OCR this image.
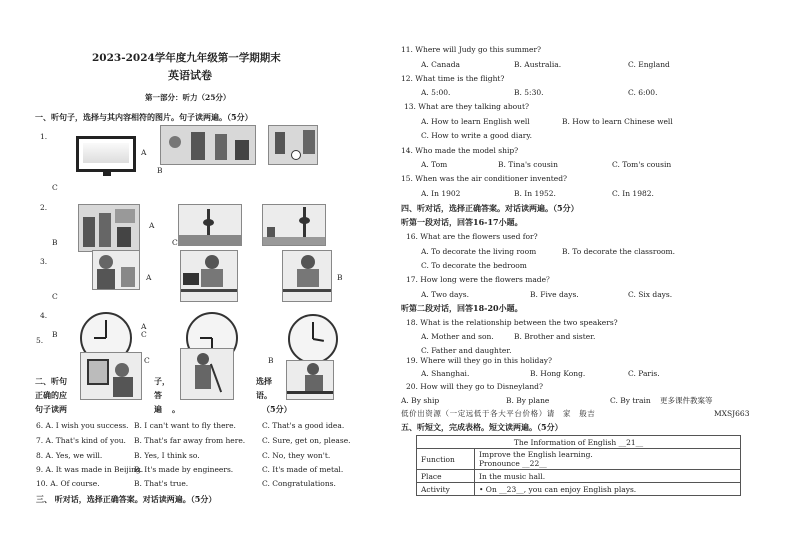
2023-2024学年度九年级第一学期期末
英语试卷
第一部分：听力（25分）
一、听句子，选择与其内容相符的图片。句子读两遍。（5分）
1.
2.
3.
4.
5.
A
B
C
A
B	C
A	B
C
B
A
C
C	B
二、听句	子，	选择
正确的应	答	语。
句子读两	遍 。	（5分）
6. A. I wish you success. B. I can't want to fly there.	C. That's a good idea.
7. A. That's kind of you. B. That's far away from here. C. Sure, get on, please.
8. A. Yes, we will.	B. Yes, I think so.	C. No, they won't.
9. A. It was made in Beijing.
B. It's made by engineers.	C. It's made of metal.
10. A. Of course.	B. That's true.	C. Congratulations.
三、 听对话，选择正确答案。对话读两遍。（5分）
11. Where will Judy go this summer?
A. Canada	B. Australia.	C. England
12. What time is the flight?
A. 5:00.	B. 5:30.	C. 6:00.
13. What are they talking about?
A. How to learn English well	B. How to learn Chinese well
C. How to write a good diary.
14. Who made the model ship?
A. Tom	B. Tina's cousin	C. Tom's cousin
15. When was the air conditioner invented?
A. In 1902	B. In 1952.	C. In 1982.
四、听对话，选择正确答案。对话读两遍。（5分）
听第一段对话，回答16-17小题。
16. What are the flowers used for?
A. To decorate the living room	B. To decorate the classroom.
C. To decorate the bedroom
17. How long were the flowers made？
A. Two days.	B. Five days.	C. Six days.
听第二段对话，回答18-20小题。
18. What is the relationship between the two speakers?
A. Mother and son.	B. Brother and sister.
C. Father and daughter.
19. Where will they go in this holiday?
A. Shanghai.	B. Hong Kong.	C. Paris.
20. How will they go to Disneyland?
A. By ship	B. By plane	C. By train 更多课件教案等
低价出资源（一定远低于各大平台价格）请　家　般吉	MXSJ663
五、听短文，完成表格。短文读两遍。（5分）
The Information of English __21__	
Function	Improve the English learning.
Pronounce __22__

Place	In the music hall.
Activity	• On __23__, you can enjoy English plays.
